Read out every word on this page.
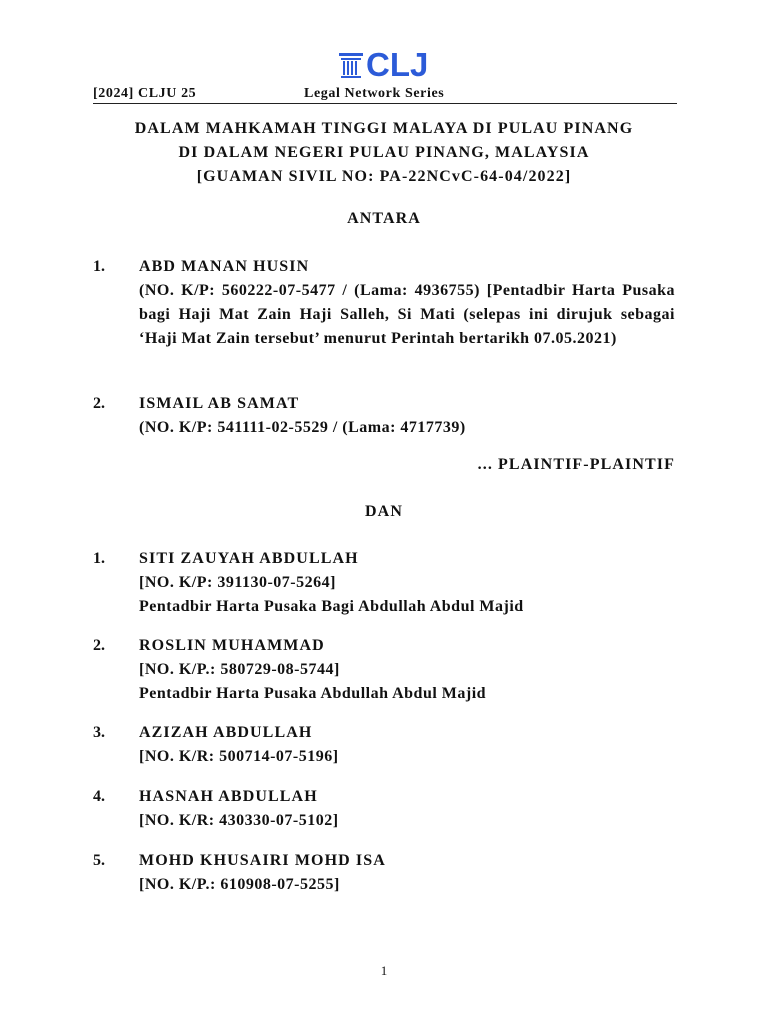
CLJ
[2024] CLJU 25	Legal Network Series
DALAM MAHKAMAH TINGGI MALAYA DI PULAU PINANG
DI DALAM NEGERI PULAU PINANG, MALAYSIA
[GUAMAN SIVIL NO: PA-22NCvC-64-04/2022]
ANTARA
1. ABD MANAN HUSIN
(NO. K/P: 560222-07-5477 / (Lama: 4936755) [Pentadbir Harta Pusaka bagi Haji Mat Zain Haji Salleh, Si Mati (selepas ini dirujuk sebagai ‘Haji Mat Zain tersebut’ menurut Perintah bertarikh 07.05.2021)
2. ISMAIL AB SAMAT
(NO. K/P: 541111-02-5529 / (Lama: 4717739)
... PLAINTIF-PLAINTIF
DAN
1. SITI ZAUYAH ABDULLAH
[NO. K/P: 391130-07-5264]
Pentadbir Harta Pusaka Bagi Abdullah Abdul Majid
2. ROSLIN MUHAMMAD
[NO. K/P.: 580729-08-5744]
Pentadbir Harta Pusaka Abdullah Abdul Majid
3. AZIZAH ABDULLAH
[NO. K/R: 500714-07-5196]
4. HASNAH ABDULLAH
[NO. K/R: 430330-07-5102]
5. MOHD KHUSAIRI MOHD ISA
[NO. K/P.: 610908-07-5255]
1
